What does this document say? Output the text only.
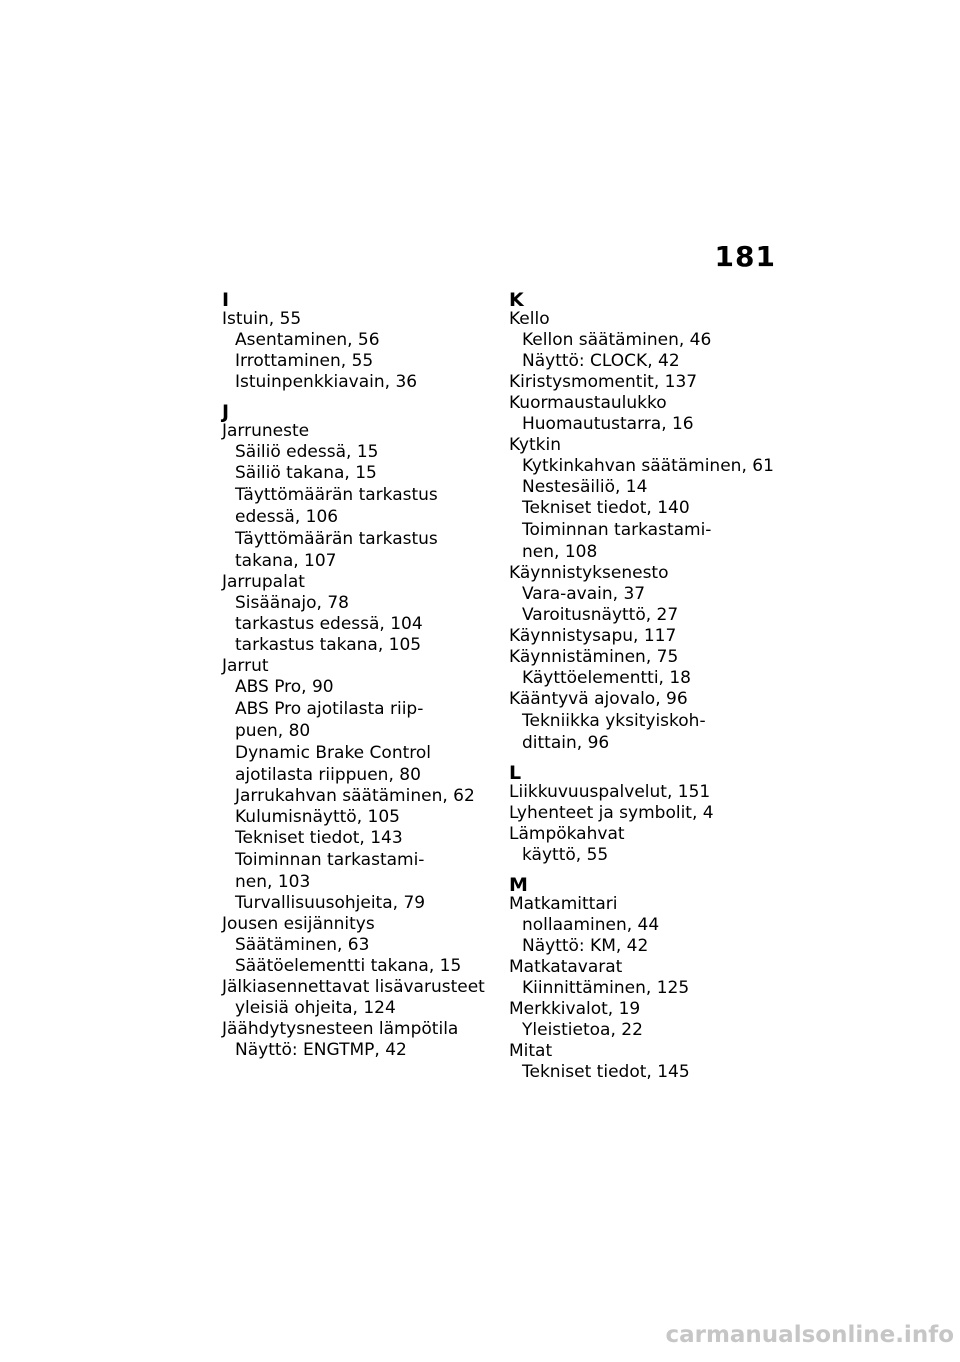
181
I
Istuin, 55
Asentaminen, 56
Irrottaminen, 55
Istuinpenkkiavain, 36
J
Jarruneste
Säiliö edessä, 15
Säiliö takana, 15
Täyttömäärän tarkastus
edessä, 106
Täyttömäärän tarkastus
takana, 107
Jarrupalat
Sisäänajo, 78
tarkastus edessä, 104
tarkastus takana, 105
Jarrut
ABS Pro, 90
ABS Pro ajotilasta riip-
puen, 80
Dynamic Brake Control
ajotilasta riippuen, 80
Jarrukahvan säätäminen, 62
Kulumisnäyttö, 105
Tekniset tiedot, 143
Toiminnan tarkastami-
nen, 103
Turvallisuusohjeita, 79
Jousen esijännitys
Säätäminen, 63
Säätöelementti takana, 15
Jälkiasennettavat lisävarusteet
yleisiä ohjeita, 124
Jäähdytysnesteen lämpötila
Näyttö: ENGTMP, 42
K
Kello
Kellon säätäminen, 46
Näyttö: CLOCK, 42
Kiristysmomentit, 137
Kuormaustaulukko
Huomautustarra, 16
Kytkin
Kytkinkahvan säätäminen, 61
Nestesäiliö, 14
Tekniset tiedot, 140
Toiminnan tarkastami-
nen, 108
Käynnistyksenesto
Vara-avain, 37
Varoitusnäyttö, 27
Käynnistysapu, 117
Käynnistäminen, 75
Käyttöelementti, 18
Kääntyvä ajovalo, 96
Tekniikka yksityiskoh-
dittain, 96
L
Liikkuvuuspalvelut, 151
Lyhenteet ja symbolit, 4
Lämpökahvat
käyttö, 55
M
Matkamittari
nollaaminen, 44
Näyttö: KM, 42
Matkatavarat
Kiinnittäminen, 125
Merkkivalot, 19
Yleistietoa, 22
Mitat
Tekniset tiedot, 145
carmanualsonline.info
